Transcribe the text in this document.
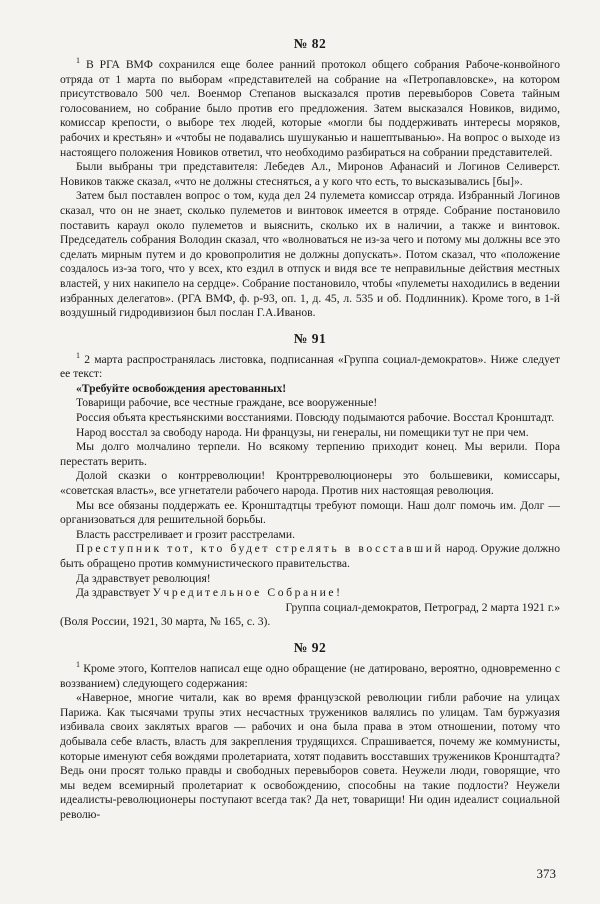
№ 82

$^1$ В РГА ВМФ сохранился еще более ранний протокол общего собрания Рабоче-конвойного отряда от 1 марта по выборам «представителей на собрание на «Петропавловске», на котором присутствовало 500 чел. Военмор Степанов высказался против перевыборов Совета тайным голосованием, но собрание было против его предложения. Затем высказался Новиков, видимо, комиссар крепости, о выборе тех людей, которые «могли бы поддерживать интересы моряков, рабочих и крестьян» и «чтобы не подавались шушуканью и нашептыванью». На вопрос о выходе из настоящего положения Новиков ответил, что необходимо разбираться на собрании представителей.

Были выбраны три представителя: Лебедев Ал., Миронов Афанасий и Логинов Селиверст. Новиков также сказал, «что не должны стесняться, а у кого что есть, то высказывались [бы]».

Затем был поставлен вопрос о том, куда дел 24 пулемета комиссар отряда. Избранный Логинов сказал, что он не знает, сколько пулеметов и винтовок имеется в отряде. Собрание постановило поставить караул около пулеметов и выяснить, сколько их в наличии, а также и винтовок. Председатель собрания Володин сказал, что «волноваться не из-за чего и потому мы должны все это сделать мирным путем и до кровопролития не должны допускать». Потом сказал, что «положение создалось из-за того, что у всех, кто ездил в отпуск и видя все те неправильные действия местных властей, у них накипело на сердце». Собрание постановило, чтобы «пулеметы находились в ведении избранных делегатов». (РГА ВМФ, ф. р-93, оп. 1, д. 45, л. 535 и об. Подлинник). Кроме того, в 1-й воздушный гидродивизион был послан Г.А.Иванов.

№ 91

$^1$ 2 марта распространялась листовка, подписанная «Группа социал-демократов». Ниже следует ее текст:

«Требуйте освобождения арестованных!

Товарищи рабочие, все честные граждане, все вооруженные!

Россия объята крестьянскими восстаниями. Повсюду подымаются рабочие. Восстал Кронштадт.

Народ восстал за свободу народа. Ни французы, ни генералы, ни помещики тут не при чем.

Мы долго молчалино терпели. Но всякому терпению приходит конец. Мы верили. Пора перестать верить.

Долой сказки о контрреволюции! Кронтрреволюционеры это большевики, комиссары, «советская власть», все угнетатели рабочего народа. Против них настоящая революция.

Мы все обязаны поддержать ее. Кронштадтцы требуют помощи. Наш долг помочь им. Долг — организоваться для решительной борьбы.

Власть расстреливает и грозит расстрелами.

Преступник тот, кто будет стрелять в восставший народ. Оружие должно быть обращено против коммунистического правительства.

Да здравствует революция!

Да здравствует Учредительное Собрание!

Группа социал-демократов, Петроград, 2 марта 1921 г.»

(Воля России, 1921, 30 марта, № 165, с. 3).

№ 92

$^1$ Кроме этого, Коптелов написал еще одно обращение (не датировано, вероятно, одновременно с воззванием) следующего содержания:

«Наверное, многие читали, как во время французской революции гибли рабочие на улицах Парижа. Как тысячами трупы этих несчастных тружеников валялись по улицам. Там буржуазия избивала своих заклятых врагов — рабочих и она была права в этом отношении, потому что добывала себе власть, власть для закрепления трудящихся. Спрашивается, почему же коммунисты, которые именуют себя вождями пролетариата, хотят подавить восставших тружеников Кронштадта? Ведь они просят только правды и свободных перевыборов совета. Неужели люди, говорящие, что мы ведем всемирный пролетариат к освобождению, способны на такие подлости? Неужели идеалисты-революционеры поступают всегда так? Да нет, товарищи! Ни один идеалист социальной револю-

373
